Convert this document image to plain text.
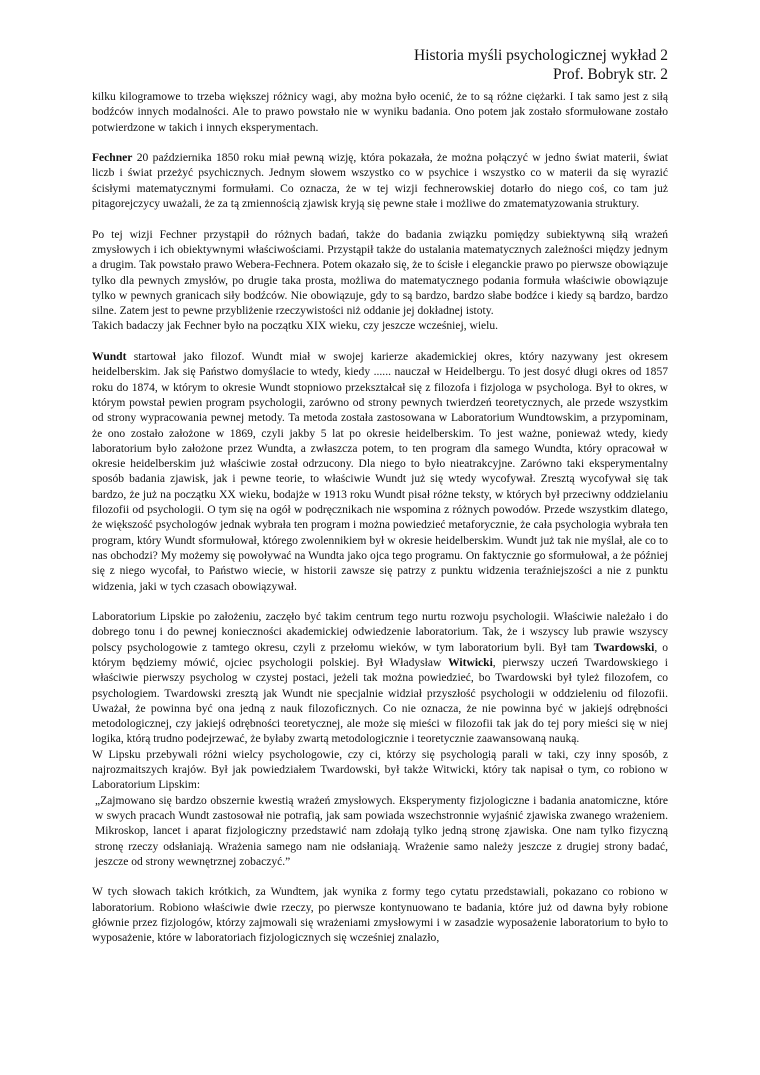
Historia myśli psychologicznej wykład 2
Prof. Bobryk str. 2

kilku kilogramowe to trzeba większej różnicy wagi, aby można było ocenić, że to są różne ciężarki. I tak samo jest z siłą bodźców innych modalności. Ale to prawo powstało nie w wyniku badania. Ono potem jak zostało sformułowane zostało potwierdzone w takich i innych eksperymentach.

Fechner 20 października 1850 roku miał pewną wizję, która pokazała, że można połączyć w jedno świat materii, świat liczb i świat przeżyć psychicznych. Jednym słowem wszystko co w psychice i wszystko co w materii da się wyrazić ścisłymi matematycznymi formułami. Co oznacza, że w tej wizji fechnerowskiej dotarło do niego coś, co tam już pitagorejczycy uważali, że za tą zmiennością zjawisk kryją się pewne stałe i możliwe do zmatematyzowania struktury.

Po tej wizji Fechner przystąpił do różnych badań, także do badania związku pomiędzy subiektywną siłą wrażeń zmysłowych i ich obiektywnymi właściwościami. Przystąpił także do ustalania matematycznych zależności między jednym a drugim. Tak powstało prawo Webera-Fechnera. Potem okazało się, że to ścisłe i eleganckie prawo po pierwsze obowiązuje tylko dla pewnych zmysłów, po drugie taka prosta, możliwa do matematycznego podania formuła właściwie obowiązuje tylko w pewnych granicach siły bodźców. Nie obowiązuje, gdy to są bardzo, bardzo słabe bodźce i kiedy są bardzo, bardzo silne. Zatem jest to pewne przybliżenie rzeczywistości niż oddanie jej dokładnej istoty.

Takich badaczy jak Fechner było na początku XIX wieku, czy jeszcze wcześniej, wielu.

Wundt startował jako filozof. Wundt miał w swojej karierze akademickiej okres, który nazywany jest okresem heidelberskim. Jak się Państwo domyślacie to wtedy, kiedy ...... nauczał w Heidelbergu. To jest dosyć długi okres od 1857 roku do 1874, w którym to okresie Wundt stopniowo przekształcał się z filozofa i fizjologa w psychologa. Był to okres, w którym powstał pewien program psychologii, zarówno od strony pewnych twierdzeń teoretycznych, ale przede wszystkim od strony wypracowania pewnej metody. Ta metoda została zastosowana w Laboratorium Wundtowskim, a przypominam, że ono zostało założone w 1869, czyli jakby 5 lat po okresie heidelberskim. To jest ważne, ponieważ wtedy, kiedy laboratorium było założone przez Wundta, a zwłaszcza potem, to ten program dla samego Wundta, który opracował w okresie heidelberskim już właściwie został odrzucony. Dla niego to było nieatrakcyjne. Zarówno taki eksperymentalny sposób badania zjawisk, jak i pewne teorie, to właściwie Wundt już się wtedy wycofywał. Zresztą wycofywał się tak bardzo, że już na początku XX wieku, bodajże w 1913 roku Wundt pisał różne teksty, w których był przeciwny oddzielaniu filozofii od psychologii. O tym się na ogół w podręcznikach nie wspomina z różnych powodów. Przede wszystkim dlatego, że większość psychologów jednak wybrała ten program i można powiedzieć metaforycznie, że cała psychologia wybrała ten program, który Wundt sformułował, którego zwolennikiem był w okresie heidelberskim. Wundt już tak nie myślał, ale co to nas obchodzi? My możemy się powoływać na Wundta jako ojca tego programu. On faktycznie go sformułował, a że później się z niego wycofał, to Państwo wiecie, w historii zawsze się patrzy z punktu widzenia teraźniejszości a nie z punktu widzenia, jaki w tych czasach obowiązywał.

Laboratorium Lipskie po założeniu, zaczęło być takim centrum tego nurtu rozwoju psychologii. Właściwie należało i do dobrego tonu i do pewnej konieczności akademickiej odwiedzenie laboratorium. Tak, że i wszyscy lub prawie wszyscy polscy psychologowie z tamtego okresu, czyli z przełomu wieków, w tym laboratorium byli. Był tam Twardowski, o którym będziemy mówić, ojciec psychologii polskiej. Był Władysław Witwicki, pierwszy uczeń Twardowskiego i właściwie pierwszy psycholog w czystej postaci, jeżeli tak można powiedzieć, bo Twardowski był tyleż filozofem, co psychologiem. Twardowski zresztą jak Wundt nie specjalnie widział przyszłość psychologii w oddzieleniu od filozofii. Uważał, że powinna być ona jedną z nauk filozoficznych. Co nie oznacza, że nie powinna być w jakiejś odrębności metodologicznej, czy jakiejś odrębności teoretycznej, ale może się mieści w filozofii tak jak do tej pory mieści się w niej logika, którą trudno podejrzewać, że byłaby zwartą metodologicznie i teoretycznie zaawansowaną nauką.

W Lipsku przebywali różni wielcy psychologowie, czy ci, którzy się psychologią parali w taki, czy inny sposób, z najrozmaitszych krajów. Był jak powiedziałem Twardowski, był także Witwicki, który tak napisał o tym, co robiono w Laboratorium Lipskim:

„Zajmowano się bardzo obszernie kwestią wrażeń zmysłowych. Eksperymenty fizjologiczne i badania anatomiczne, które w swych pracach Wundt zastosował nie potrafią, jak sam powiada wszechstronnie wyjaśnić zjawiska zwanego wrażeniem. Mikroskop, lancet i aparat fizjologiczny przedstawić nam zdołają tylko jedną stronę zjawiska. One nam tylko fizyczną stronę rzeczy odsłaniają. Wrażenia samego nam nie odsłaniają. Wrażenie samo należy jeszcze z drugiej strony badać, jeszcze od strony wewnętrznej zobaczyć.”

W tych słowach takich krótkich, za Wundtem, jak wynika z formy tego cytatu przedstawiali, pokazano co robiono w laboratorium. Robiono właściwie dwie rzeczy, po pierwsze kontynuowano te badania, które już od dawna były robione głównie przez fizjologów, którzy zajmowali się wrażeniami zmysłowymi i w zasadzie wyposażenie laboratorium to było to wyposażenie, które w laboratoriach fizjologicznych się wcześniej znalazło,
